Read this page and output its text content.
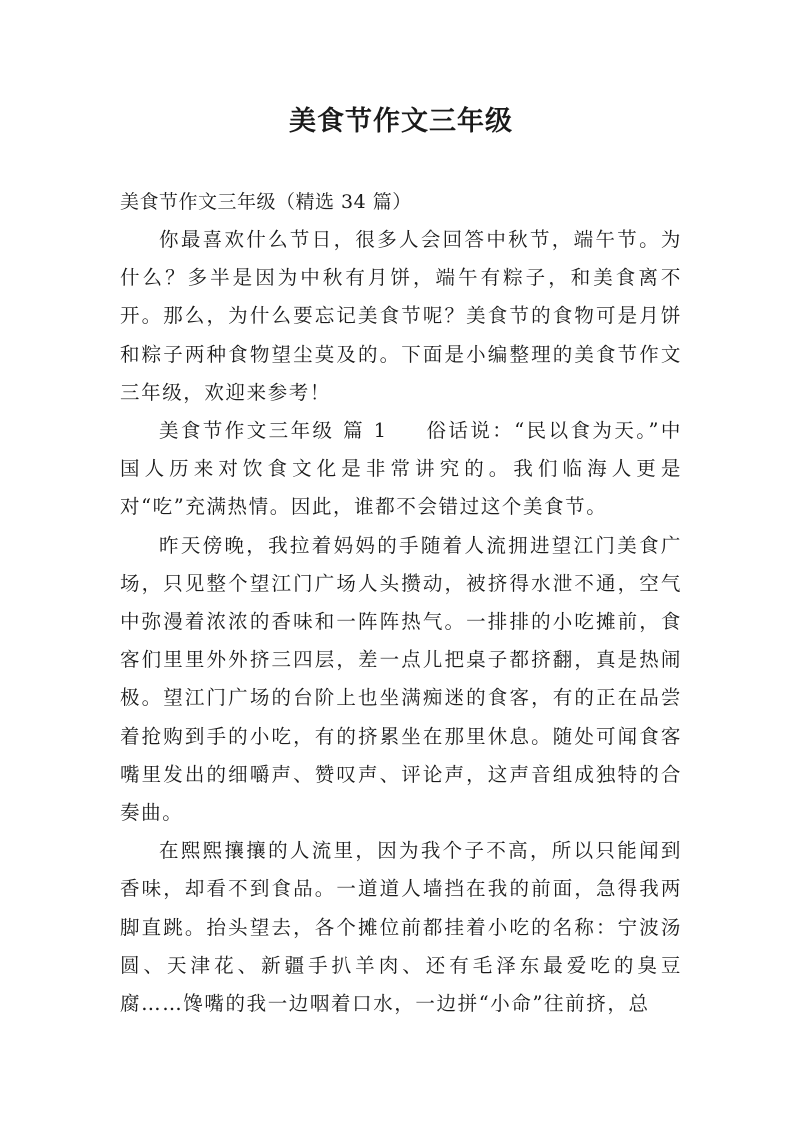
美食节作文三年级

美食节作文三年级（精选 34 篇）

你最喜欢什么节日，很多人会回答中秋节，端午节。为什么？多半是因为中秋有月饼，端午有粽子，和美食离不开。那么，为什么要忘记美食节呢？美食节的食物可是月饼和粽子两种食物望尘莫及的。下面是小编整理的美食节作文三年级，欢迎来参考！

美食节作文三年级 篇 1 俗话说：“民以食为天。”中国人历来对饮食文化是非常讲究的。我们临海人更是对“吃”充满热情。因此，谁都不会错过这个美食节。

昨天傍晚，我拉着妈妈的手随着人流拥进望江门美食广场，只见整个望江门广场人头攒动，被挤得水泄不通，空气中弥漫着浓浓的香味和一阵阵热气。一排排的小吃摊前，食客们里里外外挤三四层，差一点儿把桌子都挤翻，真是热闹极。望江门广场的台阶上也坐满痴迷的食客，有的正在品尝着抢购到手的小吃，有的挤累坐在那里休息。随处可闻食客嘴里发出的细嚼声、赞叹声、评论声，这声音组成独特的合奏曲。

在熙熙攘攘的人流里，因为我个子不高，所以只能闻到香味，却看不到食品。一道道人墙挡在我的前面，急得我两脚直跳。抬头望去，各个摊位前都挂着小吃的名称：宁波汤圆、天津花、新疆手扒羊肉、还有毛泽东最爱吃的臭豆腐……馋嘴的我一边咽着口水，一边拼“小命”往前挤，总
